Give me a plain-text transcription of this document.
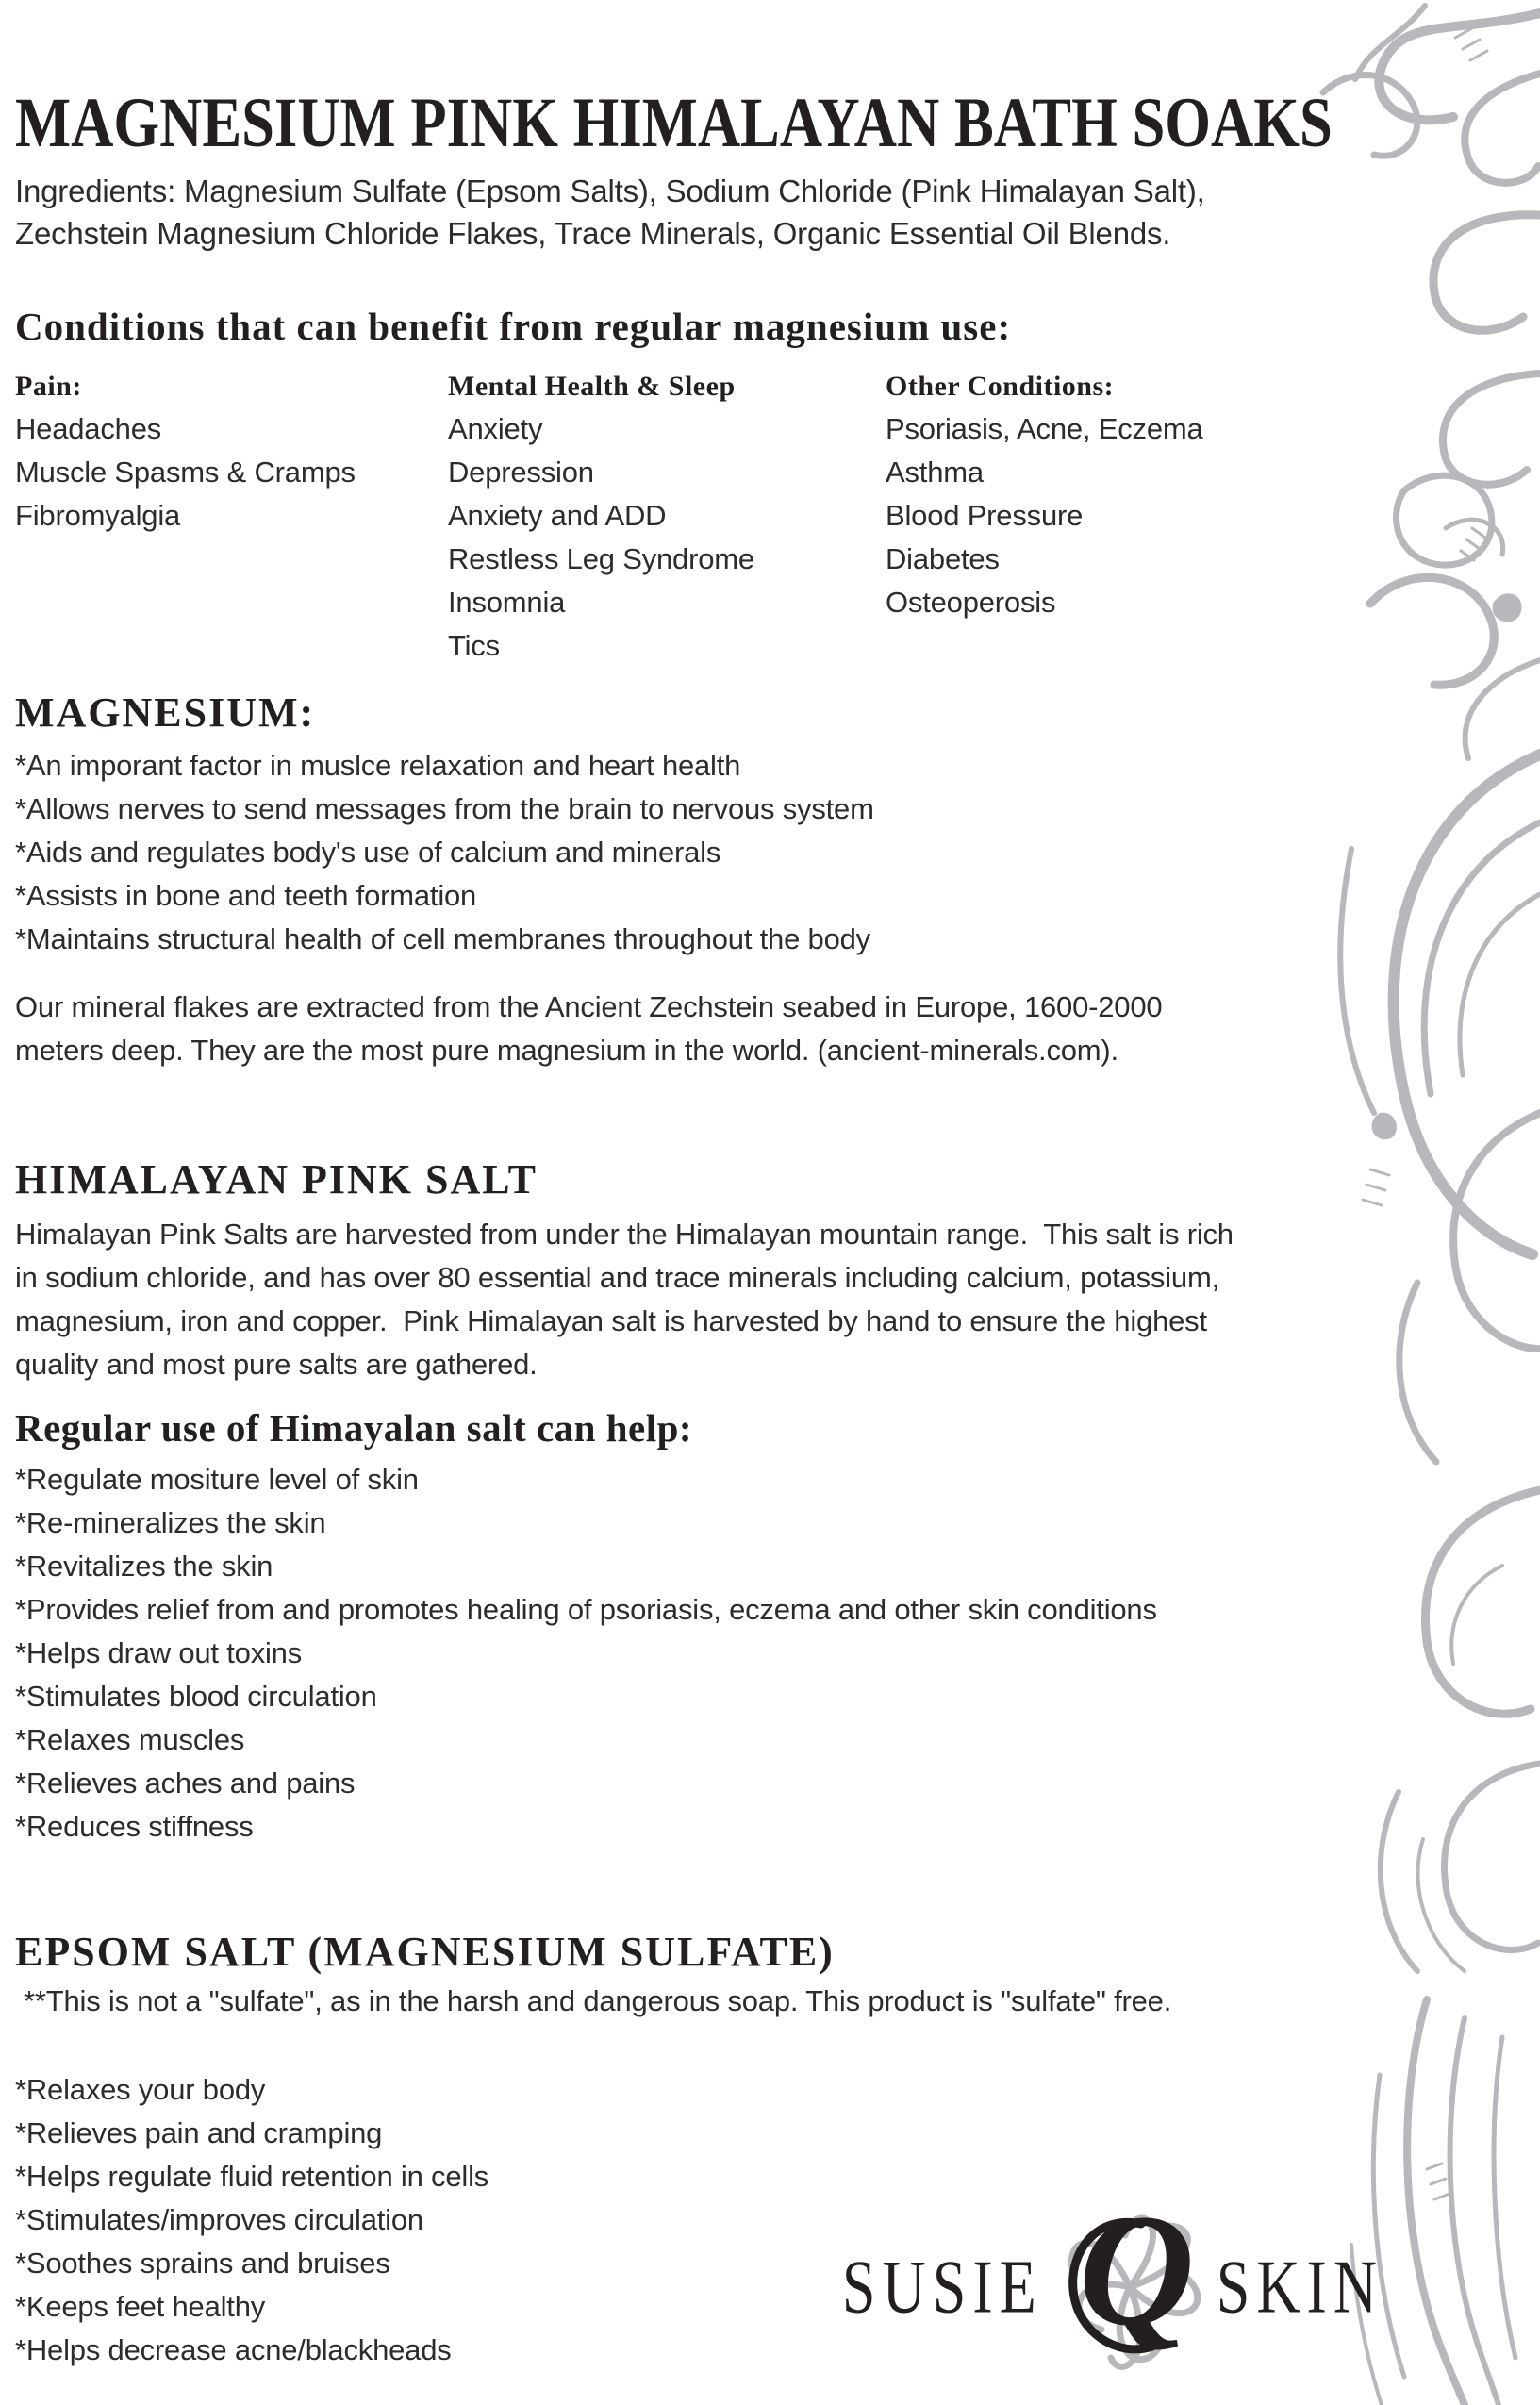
MAGNESIUM PINK HIMALAYAN BATH SOAKS
Ingredients: Magnesium Sulfate (Epsom Salts), Sodium Chloride (Pink Himalayan Salt),
Zechstein Magnesium Chloride Flakes, Trace Minerals, Organic Essential Oil Blends.
Conditions that can benefit from regular magnesium use:
Pain:
Headaches
Muscle Spasms & Cramps
Fibromyalgia
Mental Health & Sleep
Anxiety
Depression
Anxiety and ADD
Restless Leg Syndrome
Insomnia
Tics
Other Conditions:
Psoriasis, Acne, Eczema
Asthma
Blood Pressure
Diabetes
Osteoperosis
MAGNESIUM:
*An imporant factor in muslce relaxation and heart health
*Allows nerves to send messages from the brain to nervous system
*Aids and regulates body's use of calcium and minerals
*Assists in bone and teeth formation
*Maintains structural health of cell membranes throughout the body
Our mineral flakes are extracted from the Ancient Zechstein seabed in Europe, 1600-2000
meters deep. They are the most pure magnesium in the world. (ancient-minerals.com).
HIMALAYAN PINK SALT
Himalayan Pink Salts are harvested from under the Himalayan mountain range.  This salt is rich
in sodium chloride, and has over 80 essential and trace minerals including calcium, potassium,
magnesium, iron and copper.  Pink Himalayan salt is harvested by hand to ensure the highest
quality and most pure salts are gathered.
Regular use of Himayalan salt can help:
*Regulate mositure level of skin
*Re-mineralizes the skin
*Revitalizes the skin
*Provides relief from and promotes healing of psoriasis, eczema and other skin conditions
*Helps draw out toxins
*Stimulates blood circulation
*Relaxes muscles
*Relieves aches and pains
*Reduces stiffness
EPSOM SALT (MAGNESIUM SULFATE)
**This is not a "sulfate", as in the harsh and dangerous soap. This product is "sulfate" free.
*Relaxes your body
*Relieves pain and cramping
*Helps regulate fluid retention in cells
*Stimulates/improves circulation
*Soothes sprains and bruises
*Keeps feet healthy
*Helps decrease acne/blackheads
SUSIE Q SKIN
